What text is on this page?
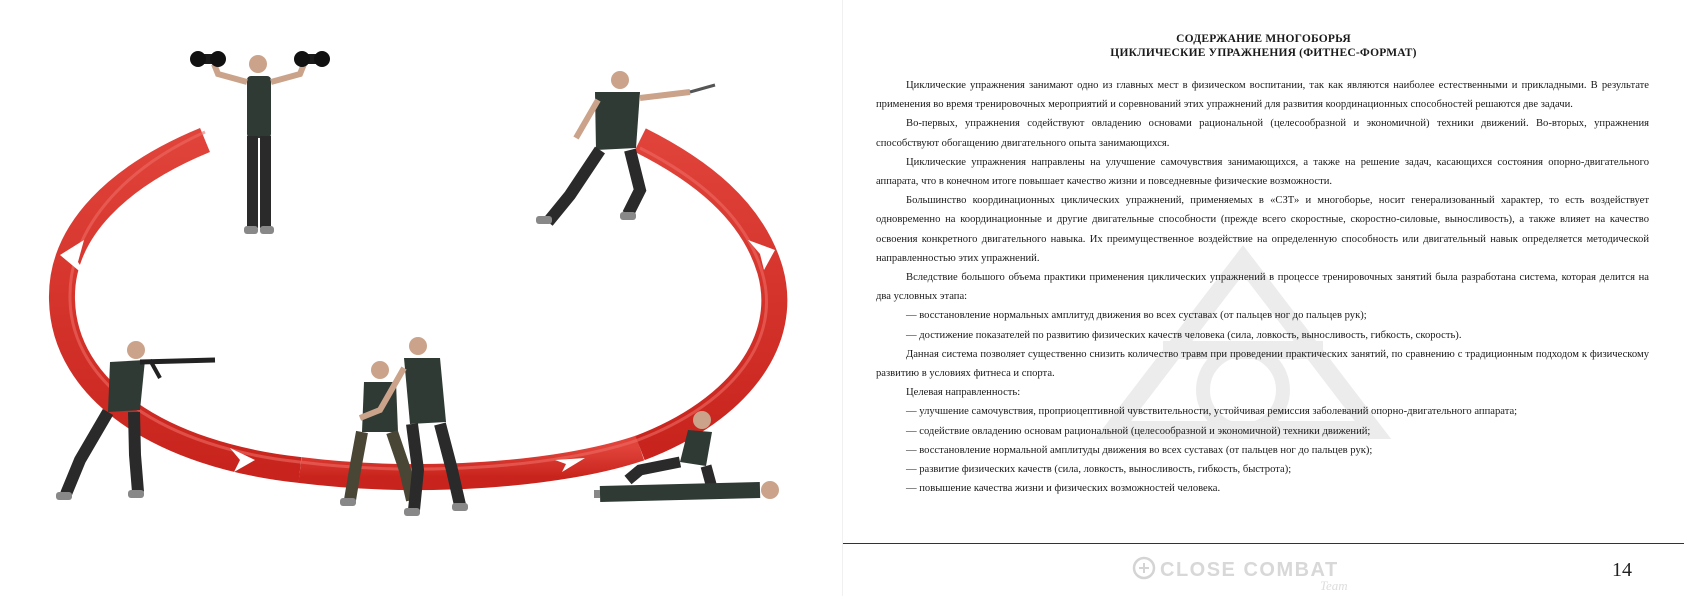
СОДЕРЖАНИЕ МНОГОБОРЬЯ
ЦИКЛИЧЕСКИЕ УПРАЖНЕНИЯ (ФИТНЕС-ФОРМАТ)

Циклические упражнения занимают одно из главных мест в физическом воспитании, так как являются наиболее естественными и прикладными. В результате применения во время тренировочных мероприятий и соревнований этих упражнений для развития координационных способностей решаются две задачи.

Во-первых, упражнения содействуют овладению основами рациональной (целесообразной и экономичной) техники движений. Во-вторых, упражнения способствуют обогащению двигательного опыта занимающихся.

Циклические упражнения направлены на улучшение самочувствия занимающихся, а также на решение задач, касающихся состояния опорно-двигательного аппарата, что в конечном итоге повышает качество жизни и повседневные физические возможности.

Большинство координационных циклических упражнений, применяемых в «СЗТ» и многоборье, носит генерализованный характер, то есть воздействует одновременно на координационные и другие двигательные способности (прежде всего скоростные, скоростно-силовые, выносливость), а также влияет на качество освоения конкретного двигательного навыка. Их преимущественное воздействие на определенную способность или двигательный навык определяется методической направленностью этих упражнений.

Вследствие большого объема практики применения циклических упражнений в процессе тренировочных занятий была разработана система, которая делится на два условных этапа:

— восстановление нормальных амплитуд движения во всех суставах (от пальцев ног до пальцев рук);

— достижение показателей по развитию физических качеств человека (сила, ловкость, выносливость, гибкость, скорость).

Данная система позволяет существенно снизить количество травм при проведении практических занятий, по сравнению с традиционным подходом к физическому развитию в условиях фитнеса и спорта.

Целевая направленность:

— улучшение самочувствия, проприоцептивной чувствительности, устойчивая ремиссия заболеваний опорно-двигательного аппарата;

— содействие овладению основам рациональной (целесообразной и экономичной) техники движений;

— восстановление нормальной амплитуды движения во всех суставах (от пальцев ног до пальцев рук);

— развитие физических качеств (сила, ловкость, выносливость, гибкость, быстрота);

— повышение качества жизни и физических возможностей человека.

CLOSE COMBAT
Team
14
